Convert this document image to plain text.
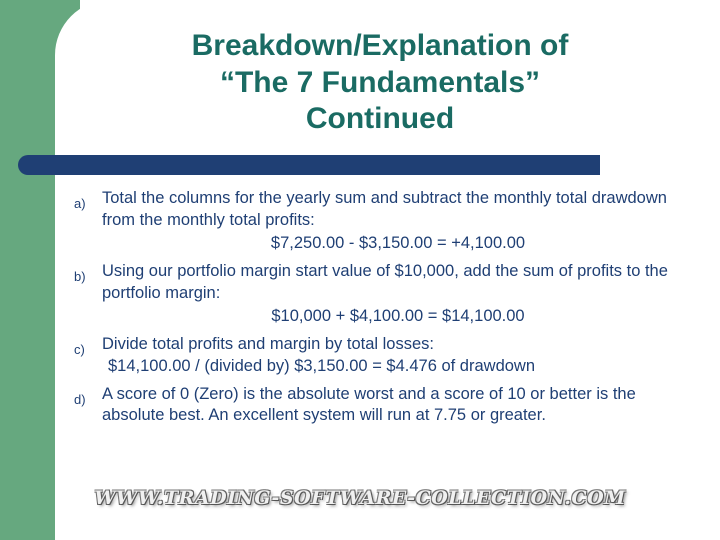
Breakdown/Explanation of
“The 7 Fundamentals”
Continued
a) Total the columns for the yearly sum and subtract the monthly total drawdown from the monthly total profits:
$7,250.00 - $3,150.00 = +4,100.00
b) Using our portfolio margin start value of $10,000, add the sum of profits to the portfolio margin:
$10,000 + $4,100.00 = $14,100.00
c)	Divide total profits and margin by total losses:
$14,100.00 / (divided by) $3,150.00 = $4.476 of drawdown
d) A score of 0 (Zero) is the absolute worst and a score of 10 or better is the absolute best. An excellent system will run at 7.75 or greater.
WWW.TRADING-SOFTWARE-COLLECTION.COM
